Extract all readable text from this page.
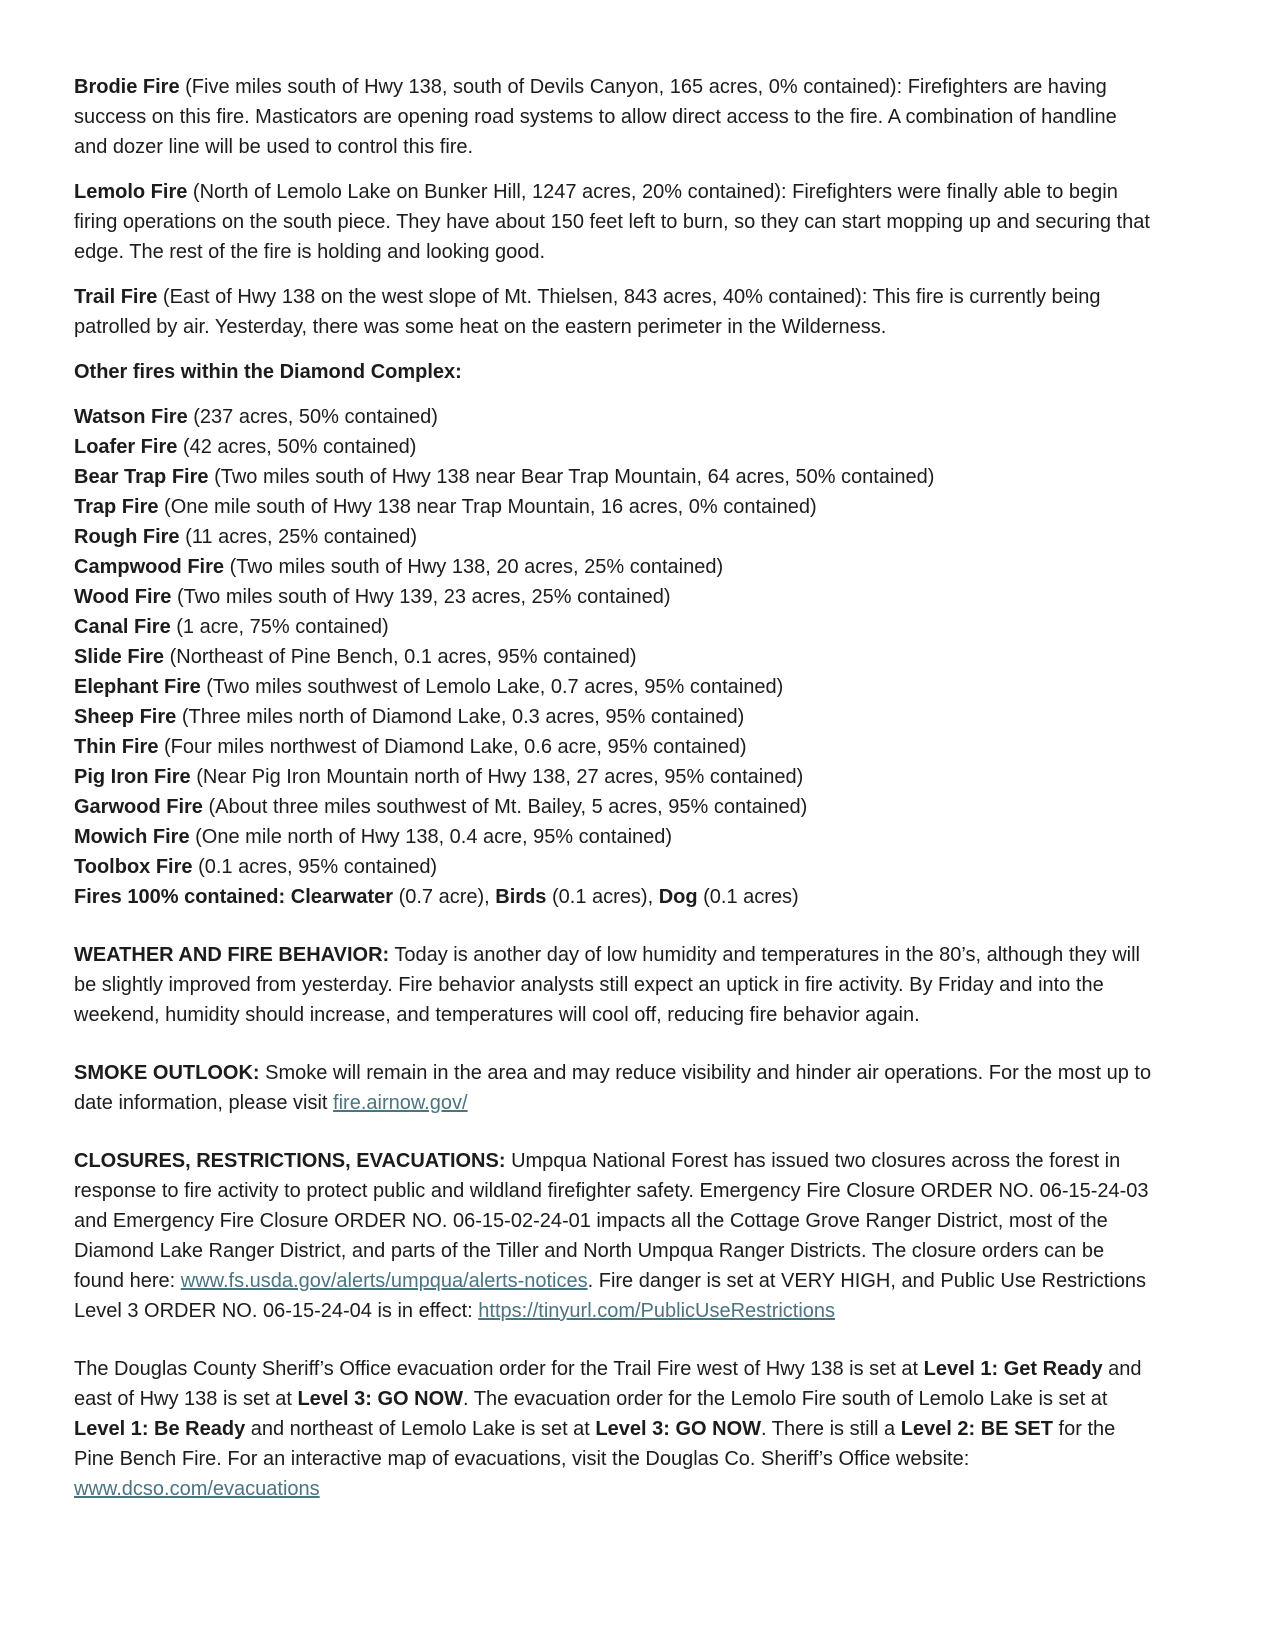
Brodie Fire (Five miles south of Hwy 138, south of Devils Canyon, 165 acres, 0% contained): Firefighters are having success on this fire. Masticators are opening road systems to allow direct access to the fire. A combination of handline and dozer line will be used to control this fire.

Lemolo Fire (North of Lemolo Lake on Bunker Hill, 1247 acres, 20% contained): Firefighters were finally able to begin firing operations on the south piece. They have about 150 feet left to burn, so they can start mopping up and securing that edge. The rest of the fire is holding and looking good.

Trail Fire (East of Hwy 138 on the west slope of Mt. Thielsen, 843 acres, 40% contained): This fire is currently being patrolled by air. Yesterday, there was some heat on the eastern perimeter in the Wilderness.

Other fires within the Diamond Complex:

Watson Fire (237 acres, 50% contained)
Loafer Fire (42 acres, 50% contained)
Bear Trap Fire (Two miles south of Hwy 138 near Bear Trap Mountain, 64 acres, 50% contained)
Trap Fire (One mile south of Hwy 138 near Trap Mountain, 16 acres, 0% contained)
Rough Fire (11 acres, 25% contained)
Campwood Fire (Two miles south of Hwy 138, 20 acres, 25% contained)
Wood Fire (Two miles south of Hwy 139, 23 acres, 25% contained)
Canal Fire (1 acre, 75% contained)
Slide Fire (Northeast of Pine Bench, 0.1 acres, 95% contained)
Elephant Fire (Two miles southwest of Lemolo Lake, 0.7 acres, 95% contained)
Sheep Fire (Three miles north of Diamond Lake, 0.3 acres, 95% contained)
Thin Fire (Four miles northwest of Diamond Lake, 0.6 acre, 95% contained)
Pig Iron Fire (Near Pig Iron Mountain north of Hwy 138, 27 acres, 95% contained)
Garwood Fire (About three miles southwest of Mt. Bailey, 5 acres, 95% contained)
Mowich Fire (One mile north of Hwy 138, 0.4 acre, 95% contained)
Toolbox Fire (0.1 acres, 95% contained)
Fires 100% contained: Clearwater (0.7 acre), Birds (0.1 acres), Dog (0.1 acres)

WEATHER AND FIRE BEHAVIOR: Today is another day of low humidity and temperatures in the 80’s, although they will be slightly improved from yesterday. Fire behavior analysts still expect an uptick in fire activity. By Friday and into the weekend, humidity should increase, and temperatures will cool off, reducing fire behavior again.

SMOKE OUTLOOK: Smoke will remain in the area and may reduce visibility and hinder air operations. For the most up to date information, please visit fire.airnow.gov/

CLOSURES, RESTRICTIONS, EVACUATIONS: Umpqua National Forest has issued two closures across the forest in response to fire activity to protect public and wildland firefighter safety. Emergency Fire Closure ORDER NO. 06-15-24-03 and Emergency Fire Closure ORDER NO. 06-15-02-24-01 impacts all the Cottage Grove Ranger District, most of the Diamond Lake Ranger District, and parts of the Tiller and North Umpqua Ranger Districts. The closure orders can be found here: www.fs.usda.gov/alerts/umpqua/alerts-notices. Fire danger is set at VERY HIGH, and Public Use Restrictions Level 3 ORDER NO. 06-15-24-04 is in effect: https://tinyurl.com/PublicUseRestrictions

The Douglas County Sheriff’s Office evacuation order for the Trail Fire west of Hwy 138 is set at Level 1: Get Ready and east of Hwy 138 is set at Level 3: GO NOW. The evacuation order for the Lemolo Fire south of Lemolo Lake is set at Level 1: Be Ready and northeast of Lemolo Lake is set at Level 3: GO NOW. There is still a Level 2: BE SET for the Pine Bench Fire. For an interactive map of evacuations, visit the Douglas Co. Sheriff’s Office website: www.dcso.com/evacuations
